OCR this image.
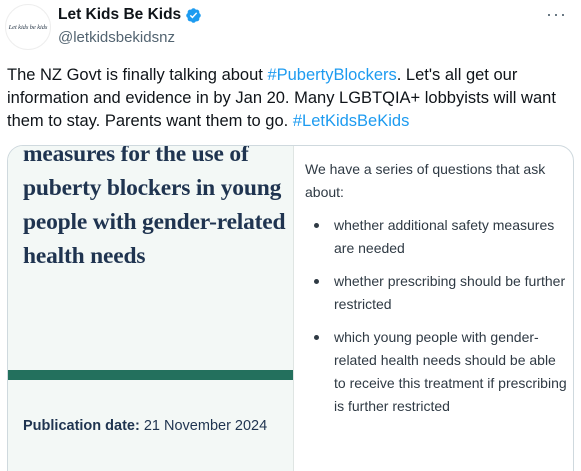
Let kids be kids
Let Kids Be Kids
@letkidsbekidsnz
···
The NZ Govt is finally talking about #PubertyBlockers. Let's all get our information and evidence in by Jan 20. Many LGBTQIA+ lobbyists will want them to stay. Parents want them to go. #LetKidsBeKids
measures for the use of puberty blockers in young people with gender-related health needs
Publication date: 21 November 2024

We have a series of questions that ask about:

whether additional safety measures are needed
whether prescribing should be further restricted
which young people with gender-related health needs should be able to receive this treatment if prescribing is further restricted
